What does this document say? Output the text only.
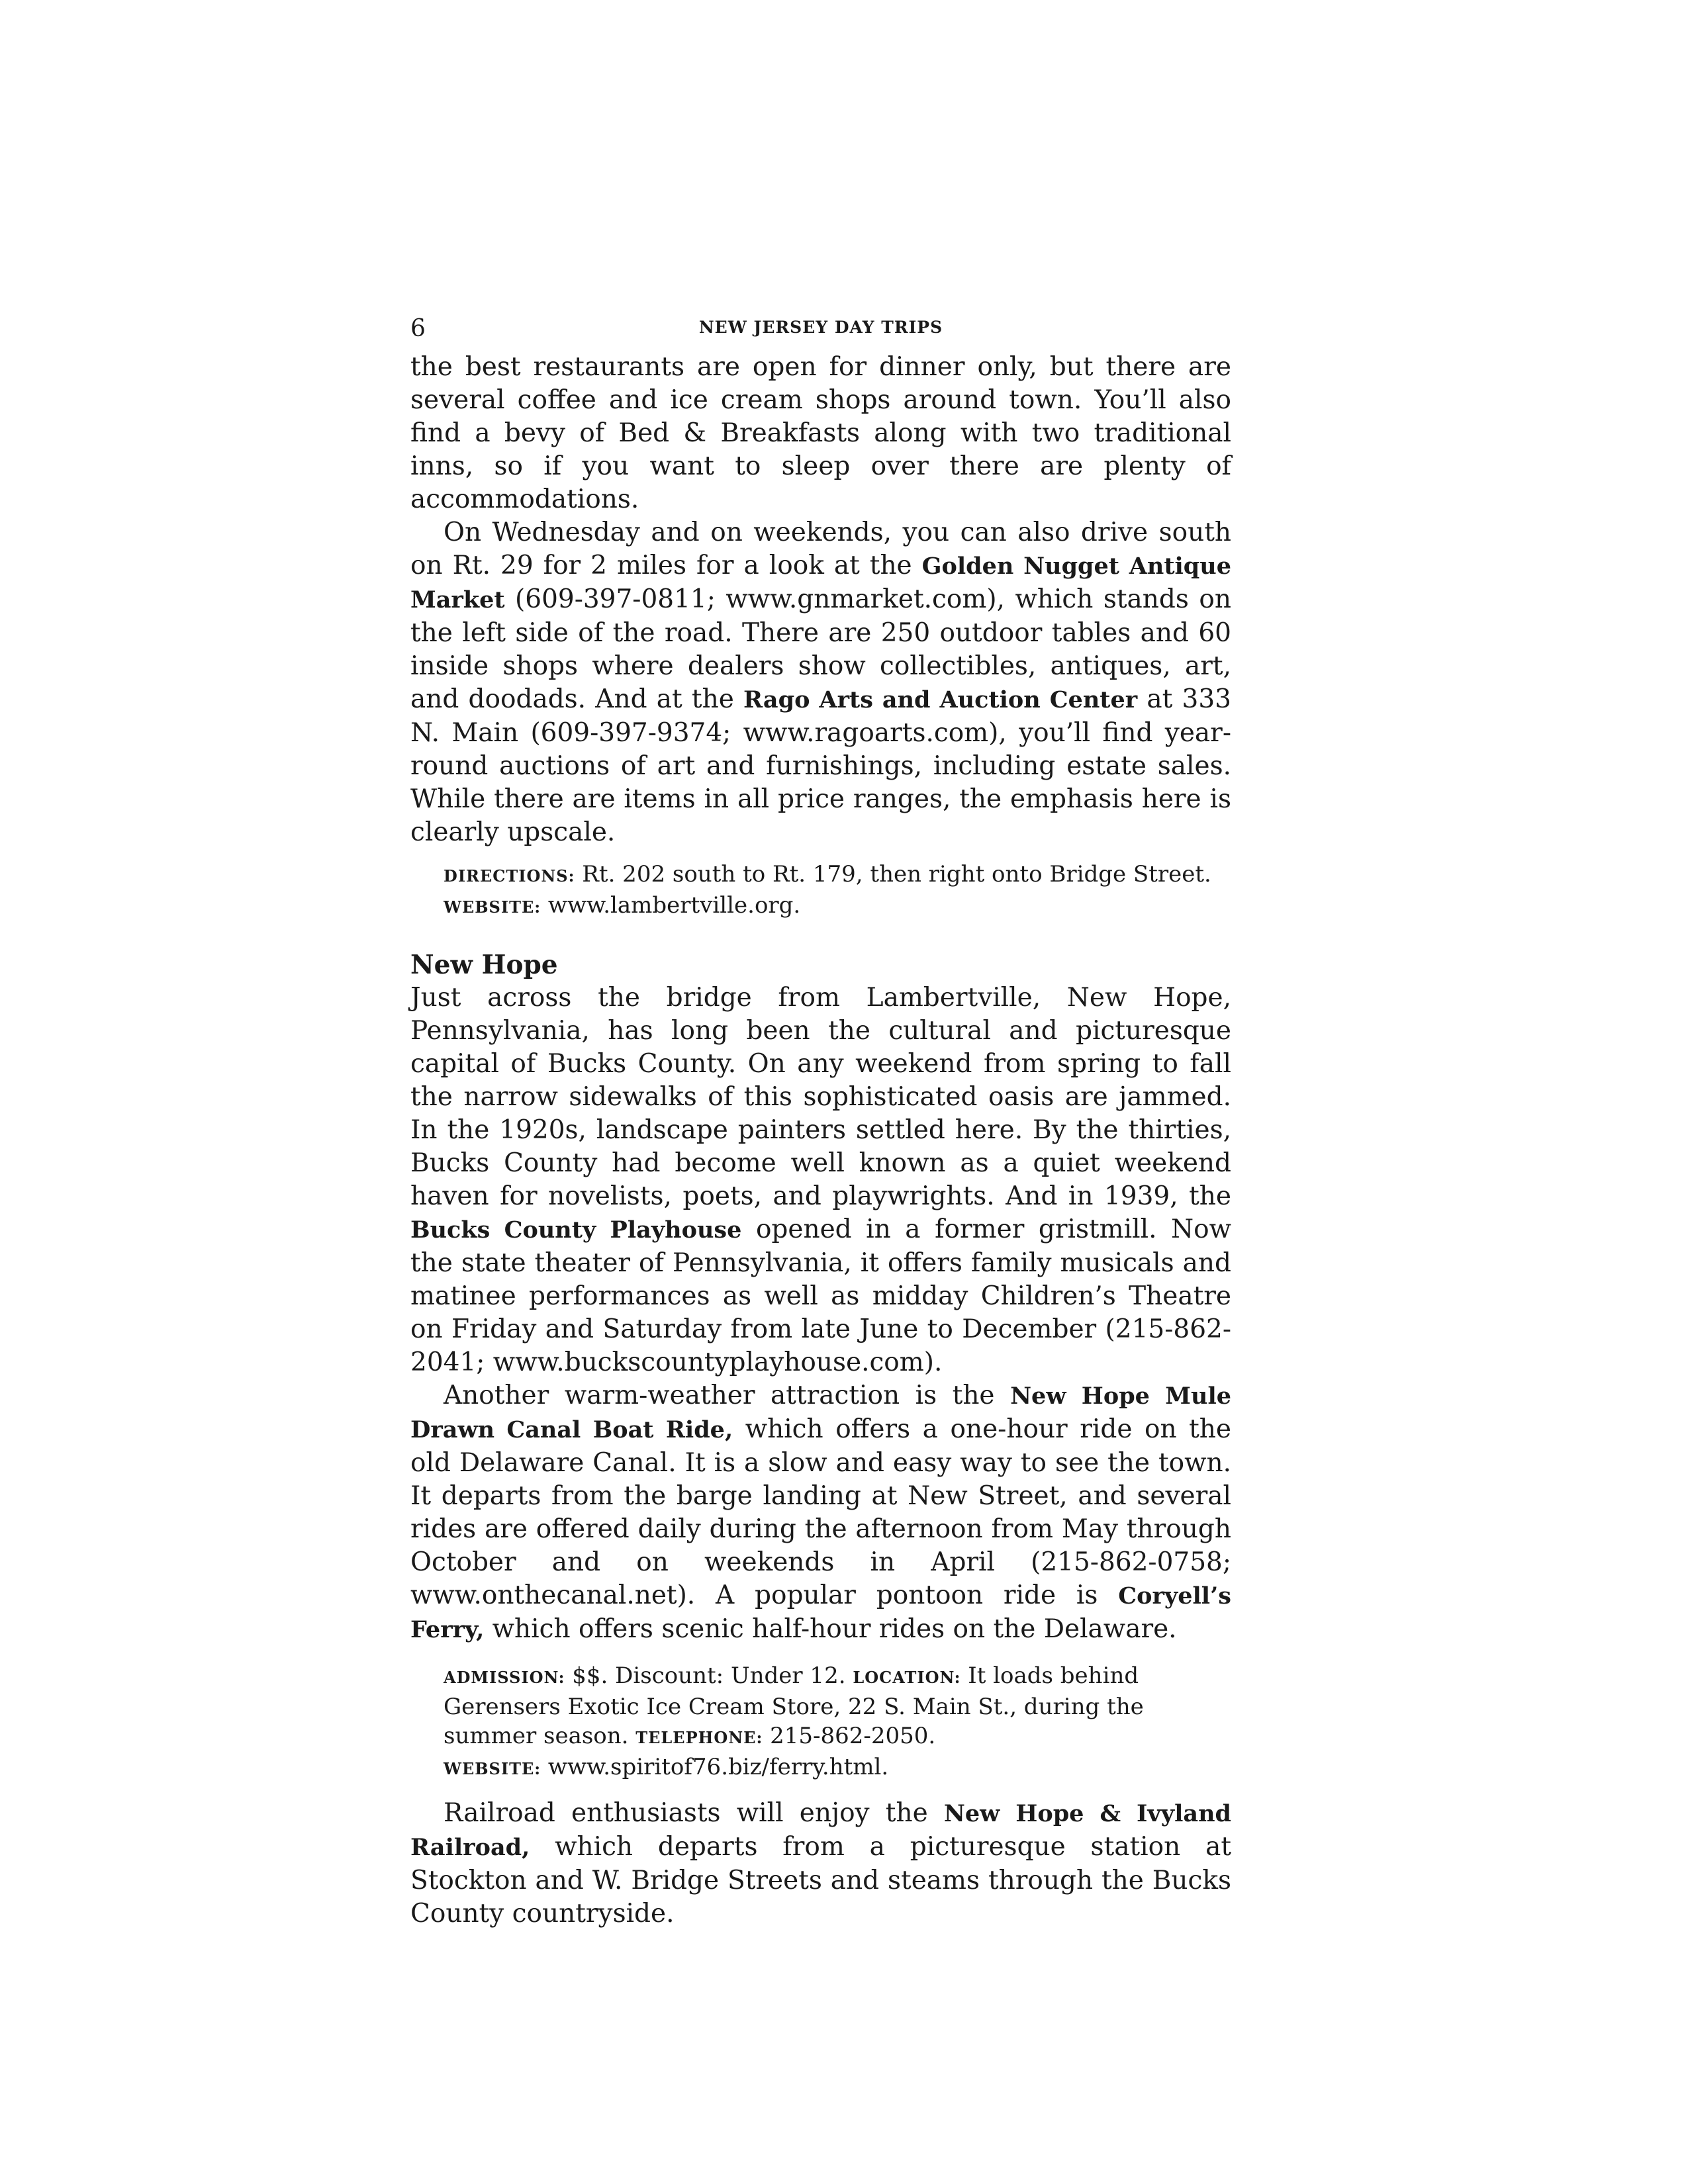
6	NEW JERSEY DAY TRIPS

the best restaurants are open for dinner only, but there are several coffee and ice cream shops around town. You’ll also find a bevy of Bed & Breakfasts along with two traditional inns, so if you want to sleep over there are plenty of accommodations.

On Wednesday and on weekends, you can also drive south on Rt. 29 for 2 miles for a look at the Golden Nugget Antique Market (609-397-0811; www.gnmarket.com), which stands on the left side of the road. There are 250 outdoor tables and 60 inside shops where dealers show collectibles, antiques, art, and doodads. And at the Rago Arts and Auction Center at 333 N. Main (609-397-9374; www.ragoarts.com), you’ll find year-round auctions of art and furnishings, including estate sales. While there are items in all price ranges, the emphasis here is clearly upscale.

DIRECTIONS: Rt. 202 south to Rt. 179, then right onto Bridge Street.
WEBSITE: www.lambertville.org.
New Hope

Just across the bridge from Lambertville, New Hope, Pennsylvania, has long been the cultural and picturesque capital of Bucks County. On any weekend from spring to fall the narrow sidewalks of this sophisticated oasis are jammed. In the 1920s, landscape painters settled here. By the thirties, Bucks County had become well known as a quiet weekend haven for novelists, poets, and playwrights. And in 1939, the Bucks County Playhouse opened in a former gristmill. Now the state theater of Pennsylvania, it offers family musicals and matinee performances as well as midday Children’s Theatre on Friday and Saturday from late June to December (215-862-2041; www.buckscountyplayhouse.com).

Another warm-weather attraction is the New Hope Mule Drawn Canal Boat Ride, which offers a one-hour ride on the old Delaware Canal. It is a slow and easy way to see the town. It departs from the barge landing at New Street, and several rides are offered daily during the afternoon from May through October and on weekends in April (215-862-0758; www.onthecanal.net). A popular pontoon ride is Coryell’s Ferry, which offers scenic half-hour rides on the Delaware.

ADMISSION: $$. Discount: Under 12. LOCATION: It loads behind Gerensers Exotic Ice Cream Store, 22 S. Main St., during the summer season. TELEPHONE: 215-862-2050.
WEBSITE: www.spiritof76.biz/ferry.html.

Railroad enthusiasts will enjoy the New Hope & Ivyland Railroad, which departs from a picturesque station at Stockton and W. Bridge Streets and steams through the Bucks County countryside.
